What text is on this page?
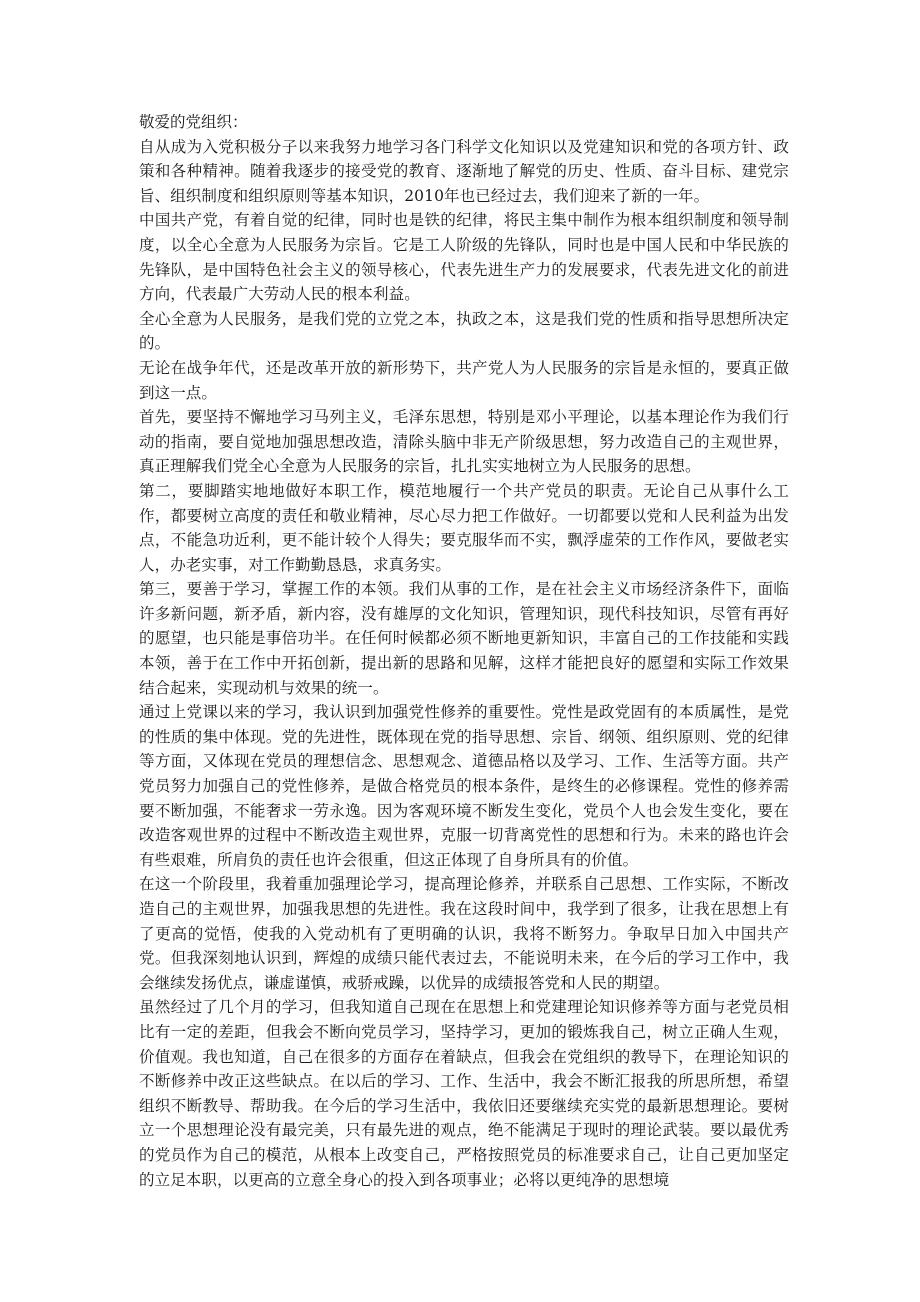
敬爱的党组织：

自从成为入党积极分子以来我努力地学习各门科学文化知识以及党建知识和党的各项方针、政策和各种精神。随着我逐步的接受党的教育、逐渐地了解党的历史、性质、奋斗目标、建党宗旨、组织制度和组织原则等基本知识，2010年也已经过去，我们迎来了新的一年。

中国共产党，有着自觉的纪律，同时也是铁的纪律，将民主集中制作为根本组织制度和领导制度，以全心全意为人民服务为宗旨。它是工人阶级的先锋队，同时也是中国人民和中华民族的先锋队，是中国特色社会主义的领导核心，代表先进生产力的发展要求，代表先进文化的前进方向，代表最广大劳动人民的根本利益。

全心全意为人民服务，是我们党的立党之本，执政之本，这是我们党的性质和指导思想所决定的。

无论在战争年代，还是改革开放的新形势下，共产党人为人民服务的宗旨是永恒的，要真正做到这一点。

首先，要坚持不懈地学习马列主义，毛泽东思想，特别是邓小平理论，以基本理论作为我们行动的指南，要自觉地加强思想改造，清除头脑中非无产阶级思想，努力改造自己的主观世界，真正理解我们党全心全意为人民服务的宗旨，扎扎实实地树立为人民服务的思想。

第二，要脚踏实地地做好本职工作，模范地履行一个共产党员的职责。无论自己从事什么工作，都要树立高度的责任和敬业精神，尽心尽力把工作做好。一切都要以党和人民利益为出发点，不能急功近利，更不能计较个人得失；要克服华而不实，飘浮虚荣的工作作风，要做老实人，办老实事，对工作勤勤恳恳，求真务实。

第三，要善于学习，掌握工作的本领。我们从事的工作，是在社会主义市场经济条件下，面临许多新问题，新矛盾，新内容，没有雄厚的文化知识，管理知识，现代科技知识，尽管有再好的愿望，也只能是事倍功半。在任何时候都必须不断地更新知识，丰富自己的工作技能和实践本领，善于在工作中开拓创新，提出新的思路和见解，这样才能把良好的愿望和实际工作效果结合起来，实现动机与效果的统一。

通过上党课以来的学习，我认识到加强党性修养的重要性。党性是政党固有的本质属性，是党的性质的集中体现。党的先进性，既体现在党的指导思想、宗旨、纲领、组织原则、党的纪律等方面，又体现在党员的理想信念、思想观念、道德品格以及学习、工作、生活等方面。共产党员努力加强自己的党性修养，是做合格党员的根本条件，是终生的必修课程。党性的修养需要不断加强，不能奢求一劳永逸。因为客观环境不断发生变化，党员个人也会发生变化，要在改造客观世界的过程中不断改造主观世界，克服一切背离党性的思想和行为。未来的路也许会有些艰难，所肩负的责任也许会很重，但这正体现了自身所具有的价值。

在这一个阶段里，我着重加强理论学习，提高理论修养，并联系自己思想、工作实际，不断改造自己的主观世界，加强我思想的先进性。我在这段时间中，我学到了很多，让我在思想上有了更高的觉悟，使我的入党动机有了更明确的认识，我将不断努力。争取早日加入中国共产党。但我深刻地认识到，辉煌的成绩只能代表过去，不能说明未来，在今后的学习工作中，我会继续发扬优点，谦虚谨慎，戒骄戒躁，以优异的成绩报答党和人民的期望。

虽然经过了几个月的学习，但我知道自己现在在思想上和党建理论知识修养等方面与老党员相比有一定的差距，但我会不断向党员学习，坚持学习，更加的锻炼我自己，树立正确人生观，价值观。我也知道，自己在很多的方面存在着缺点，但我会在党组织的教导下，在理论知识的不断修养中改正这些缺点。在以后的学习、工作、生活中，我会不断汇报我的所思所想，希望组织不断教导、帮助我。在今后的学习生活中，我依旧还要继续充实党的最新思想理论。要树立一个思想理论没有最完美，只有最先进的观点，绝不能满足于现时的理论武装。要以最优秀的党员作为自己的模范，从根本上改变自己，严格按照党员的标准要求自己，让自己更加坚定的立足本职，以更高的立意全身心的投入到各项事业；必将以更纯净的思想境
